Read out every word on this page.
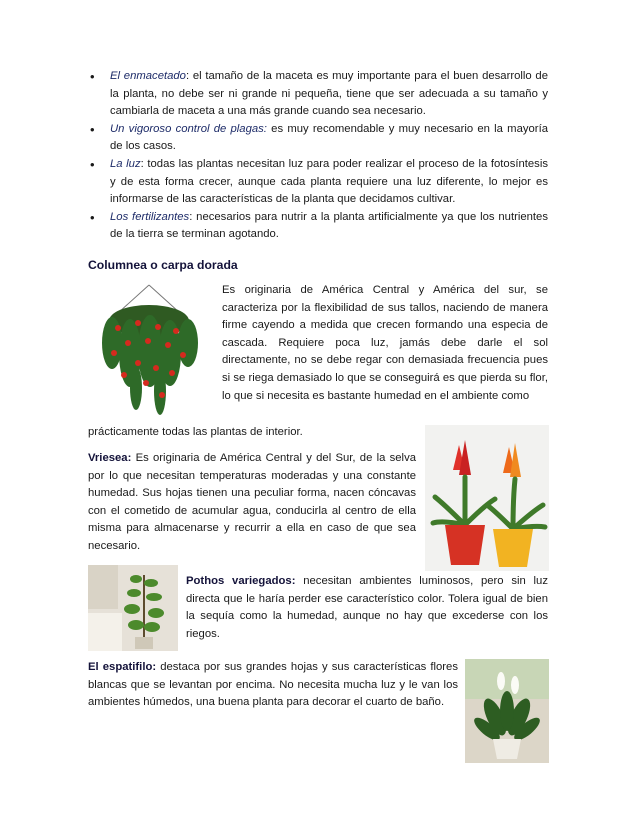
• El enmacetado: el tamaño de la maceta es muy importante para el buen desarrollo de la planta, no debe ser ni grande ni pequeña, tiene que ser adecuada a su tamaño y cambiarla de maceta a una más grande cuando sea necesario.
• Un vigoroso control de plagas: es muy recomendable y muy necesario en la mayoría de los casos.
• La luz: todas las plantas necesitan luz para poder realizar el proceso de la fotosíntesis y de esta forma crecer, aunque cada planta requiere una luz diferente, lo mejor es informarse de las características de la planta que decidamos cultivar.
• Los fertilizantes: necesarios para nutrir a la planta artificialmente ya que los nutrientes de la tierra se terminan agotando.
Columnea o carpa dorada
Es originaria de América Central y América del sur, se caracteriza por la flexibilidad de sus tallos, naciendo de manera firme cayendo a medida que crecen formando una especia de cascada. Requiere poca luz, jamás debe darle el sol directamente, no se debe regar con demasiada frecuencia pues si se riega demasiado lo que se conseguirá es que pierda su flor, lo que si necesita es bastante humedad en el ambiente como
prácticamente todas las plantas de interior.
Vriesea: Es originaria de América Central y del Sur, de la selva por lo que necesitan temperaturas moderadas y una constante humedad. Sus hojas tienen una peculiar forma, nacen cóncavas con el cometido de acumular agua, conducirla al centro de ella misma para almacenarse y recurrir a ella en caso de que sea necesario.
Pothos variegados: necesitan ambientes luminosos, pero sin luz directa que le haría perder ese característico color. Tolera igual de bien la sequía como la humedad, aunque no hay que excederse con los riegos.
El espatifilo: destaca por sus grandes hojas y sus características flores blancas que se levantan por encima. No necesita mucha luz y le van los ambientes húmedos, una buena planta para decorar el cuarto de baño.
